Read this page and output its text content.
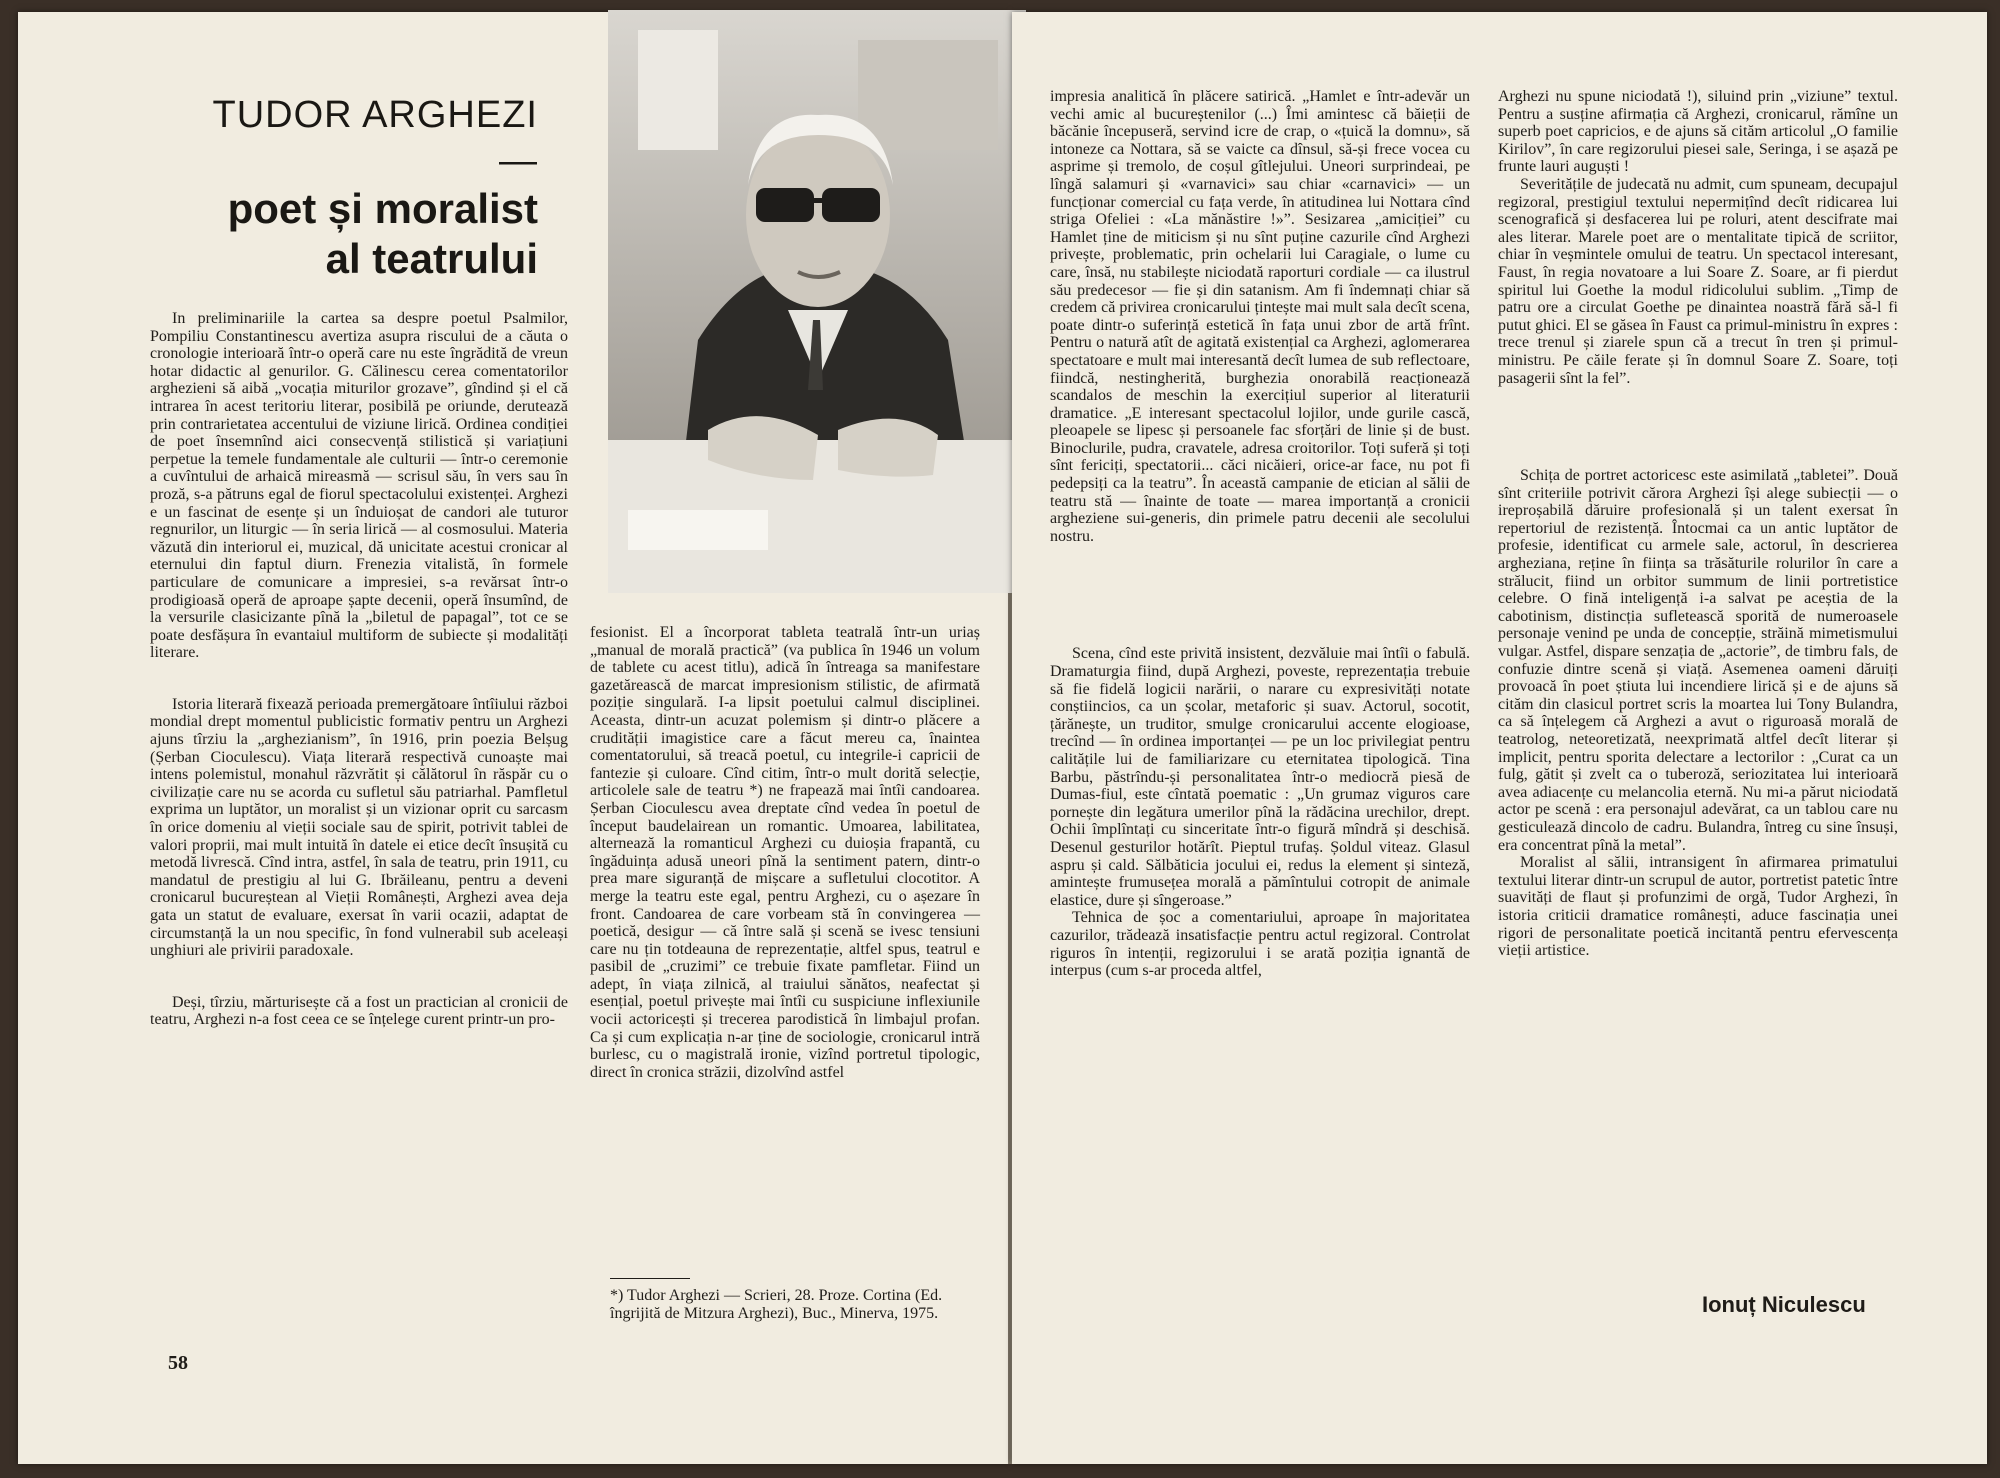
TUDOR ARGHEZI —
poet și moralist
al teatrului

In preliminariile la cartea sa despre poetul Psalmilor, Pompiliu Constantinescu avertiza asupra riscului de a căuta o cronologie interioară într-o operă care nu este îngrădită de vreun hotar didactic al genurilor. G. Călinescu cerea comentatorilor arghezieni să aibă „vocația miturilor grozave”, gîndind și el că intrarea în acest teritoriu literar, posibilă pe oriunde, derutează prin contrarietatea accentului de viziune lirică. Ordinea condiției de poet însemnînd aici consecvență stilistică și variațiuni perpetue la temele fundamentale ale culturii — într-o ceremonie a cuvîntului de arhaică mireasmă — scrisul său, în vers sau în proză, s-a pătruns egal de fiorul spectacolului existenței. Arghezi e un fascinat de esențe și un înduioșat de candori ale tuturor regnurilor, un liturgic — în seria lirică — al cosmosului. Materia văzută din interiorul ei, muzical, dă unicitate acestui cronicar al eternului din faptul diurn. Frenezia vitalistă, în formele particulare de comunicare a impresiei, s-a revărsat într-o prodigioasă operă de aproape șapte decenii, operă însumînd, de la versurile clasicizante pînă la „biletul de papagal”, tot ce se poate desfășura în evantaiul multiform de subiecte și modalități literare.

Istoria literară fixează perioada premergătoare întîiului război mondial drept momentul publicistic formativ pentru un Arghezi ajuns tîrziu la „arghezianism”, în 1916, prin poezia Belșug (Șerban Cioculescu). Viața literară respectivă cunoaște mai intens polemistul, monahul răzvrătit și călătorul în răspăr cu o civilizație care nu se acorda cu sufletul său patriarhal. Pamfletul exprima un luptător, un moralist și un vizionar oprit cu sarcasm în orice domeniu al vieții sociale sau de spirit, potrivit tablei de valori proprii, mai mult intuită în datele ei etice decît însușită cu metodă livrescă. Cînd intra, astfel, în sala de teatru, prin 1911, cu mandatul de prestigiu al lui G. Ibrăileanu, pentru a deveni cronicarul bucureștean al Vieții Românești, Arghezi avea deja gata un statut de evaluare, exersat în varii ocazii, adaptat de circumstanță la un nou specific, în fond vulnerabil sub aceleași unghiuri ale privirii paradoxale.

Deși, tîrziu, mărturisește că a fost un practician al cronicii de teatru, Arghezi n-a fost ceea ce se înțelege curent printr-un pro-

fesionist. El a încorporat tableta teatrală într-un uriaș „manual de morală practică” (va publica în 1946 un volum de tablete cu acest titlu), adică în întreaga sa manifestare gazetărească de marcat impresionism stilistic, de afirmată poziție singulară. I-a lipsit poetului calmul disciplinei. Aceasta, dintr-un acuzat polemism și dintr-o plăcere a crudității imagistice care a făcut mereu ca, înaintea comentatorului, să treacă poetul, cu integrile-i capricii de fantezie și culoare. Cînd citim, într-o mult dorită selecție, articolele sale de teatru *) ne frapează mai întîi candoarea. Șerban Cioculescu avea dreptate cînd vedea în poetul de început baudelairean un romantic. Umoarea, labilitatea, alternează la romanticul Arghezi cu duioșia frapantă, cu îngăduința adusă uneori pînă la sentiment patern, dintr-o prea mare siguranță de mișcare a sufletului clocotitor. A merge la teatru este egal, pentru Arghezi, cu o așezare în front. Candoarea de care vorbeam stă în convingerea — poetică, desigur — că între sală și scenă se ivesc tensiuni care nu țin totdeauna de reprezentație, altfel spus, teatrul e pasibil de „cruzimi” ce trebuie fixate pamfletar. Fiind un adept, în viața zilnică, al traiului sănătos, neafectat și esențial, poetul privește mai întîi cu suspiciune inflexiunile vocii actoricești și trecerea parodistică în limbajul profan. Ca și cum explicația n-ar ține de sociologie, cronicarul intră burlesc, cu o magistrală ironie, vizînd portretul tipologic, direct în cronica străzii, dizolvînd astfel

*) Tudor Arghezi — Scrieri, 28. Proze. Cortina (Ed. îngrijită de Mitzura Arghezi), Buc., Minerva, 1975.
58

impresia analitică în plăcere satirică. „Hamlet e într-adevăr un vechi amic al bucureștenilor (...) Îmi amintesc că băieții de băcănie începuseră, servind icre de crap, o «țuică la domnu», să intoneze ca Nottara, să se vaicte ca dînsul, să-și frece vocea cu asprime și tremolo, de coșul gîtlejului. Uneori surprindeai, pe lîngă salamuri și «varnavici» sau chiar «carnavici» — un funcționar comercial cu fața verde, în atitudinea lui Nottara cînd striga Ofeliei : «La mănăstire !»”. Sesizarea „amiciției” cu Hamlet ține de miticism și nu sînt puține cazurile cînd Arghezi privește, problematic, prin ochelarii lui Caragiale, o lume cu care, însă, nu stabilește niciodată raporturi cordiale — ca ilustrul său predecesor — fie și din satanism. Am fi îndemnați chiar să credem că privirea cronicarului țintește mai mult sala decît scena, poate dintr-o suferință estetică în fața unui zbor de artă frînt. Pentru o natură atît de agitată existențial ca Arghezi, aglomerarea spectatoare e mult mai interesantă decît lumea de sub reflectoare, fiindcă, nestingherită, burghezia onorabilă reacționează scandalos de meschin la exercițiul superior al literaturii dramatice. „E interesant spectacolul lojilor, unde gurile cască, pleoapele se lipesc și persoanele fac sforțări de linie și de bust. Binoclurile, pudra, cravatele, adresa croitorilor. Toți suferă și toți sînt fericiți, spectatorii... căci nicăieri, orice-ar face, nu pot fi pedepsiți ca la teatru”. În această campanie de etician al sălii de teatru stă — înainte de toate — marea importanță a cronicii argheziene sui-generis, din primele patru decenii ale secolului nostru.

Scena, cînd este privită insistent, dezvăluie mai întîi o fabulă. Dramaturgia fiind, după Arghezi, poveste, reprezentația trebuie să fie fidelă logicii narării, o narare cu expresivități notate conștiincios, ca un școlar, metaforic și suav. Actorul, socotit, țărănește, un truditor, smulge cronicarului accente elogioase, trecînd — în ordinea importanței — pe un loc privilegiat pentru calitățile lui de familiarizare cu eternitatea tipologică. Tina Barbu, păstrîndu-și personalitatea într-o mediocră piesă de Dumas-fiul, este cîntată poematic : „Un grumaz viguros care pornește din legătura umerilor pînă la rădăcina urechilor, drept. Ochii împlîntați cu sinceritate într-o figură mîndră și deschisă. Desenul gesturilor hotărît. Pieptul trufaș. Șoldul viteaz. Glasul aspru și cald. Sălbăticia jocului ei, redus la element și sinteză, amintește frumusețea morală a pămîntului cotropit de animale elastice, dure și sîngeroase.”

Tehnica de șoc a comentariului, aproape în majoritatea cazurilor, trădează insatisfacție pentru actul regizoral. Controlat riguros în intenții, regizorului i se arată poziția ignantă de interpus (cum s-ar proceda altfel,

Arghezi nu spune niciodată !), siluind prin „viziune” textul. Pentru a susține afirmația că Arghezi, cronicarul, rămîne un superb poet capricios, e de ajuns să cităm articolul „O familie Kirilov”, în care regizorului piesei sale, Seringa, i se așază pe frunte lauri auguști !

Severitățile de judecată nu admit, cum spuneam, decupajul regizoral, prestigiul textului nepermițînd decît ridicarea lui scenografică și desfacerea lui pe roluri, atent descifrate mai ales literar. Marele poet are o mentalitate tipică de scriitor, chiar în veșmintele omului de teatru. Un spectacol interesant, Faust, în regia novatoare a lui Soare Z. Soare, ar fi pierdut spiritul lui Goethe la modul ridicolului sublim. „Timp de patru ore a circulat Goethe pe dinaintea noastră fără să-l fi putut ghici. El se găsea în Faust ca primul-ministru în expres : trece trenul și ziarele spun că a trecut în tren și primul-ministru. Pe căile ferate și în domnul Soare Z. Soare, toți pasagerii sînt la fel”.

Schița de portret actoricesc este asimilată „tabletei”. Două sînt criteriile potrivit cărora Arghezi își alege subiecții — o ireproșabilă dăruire profesională și un talent exersat în repertoriul de rezistență. Întocmai ca un antic luptător de profesie, identificat cu armele sale, actorul, în descrierea argheziana, reține în ființa sa trăsăturile rolurilor în care a strălucit, fiind un orbitor summum de linii portretistice celebre. O fină inteligență i-a salvat pe aceștia de la cabotinism, distincția sufletească sporită de numeroasele personaje venind pe unda de concepție, străină mimetismului vulgar. Astfel, dispare senzația de „actorie”, de timbru fals, de confuzie dintre scenă și viață. Asemenea oameni dăruiți provoacă în poet știuta lui incendiere lirică și e de ajuns să cităm din clasicul portret scris la moartea lui Tony Bulandra, ca să înțelegem că Arghezi a avut o riguroasă morală de teatrolog, neteoretizată, neexprimată altfel decît literar și implicit, pentru sporita delectare a lectorilor : „Curat ca un fulg, gătit și zvelt ca o tuberoză, seriozitatea lui interioară avea adiacențe cu melancolia eternă. Nu mi-a părut niciodată actor pe scenă : era personajul adevărat, ca un tablou care nu gesticulează dincolo de cadru. Bulandra, întreg cu sine însuși, era concentrat pînă la metal”.

Moralist al sălii, intransigent în afirmarea primatului textului literar dintr-un scrupul de autor, portretist patetic între suavități de flaut și profunzimi de orgă, Tudor Arghezi, în istoria criticii dramatice românești, aduce fascinația unei rigori de personalitate poetică incitantă pentru efervescența vieții artistice.

Ionuț Niculescu
